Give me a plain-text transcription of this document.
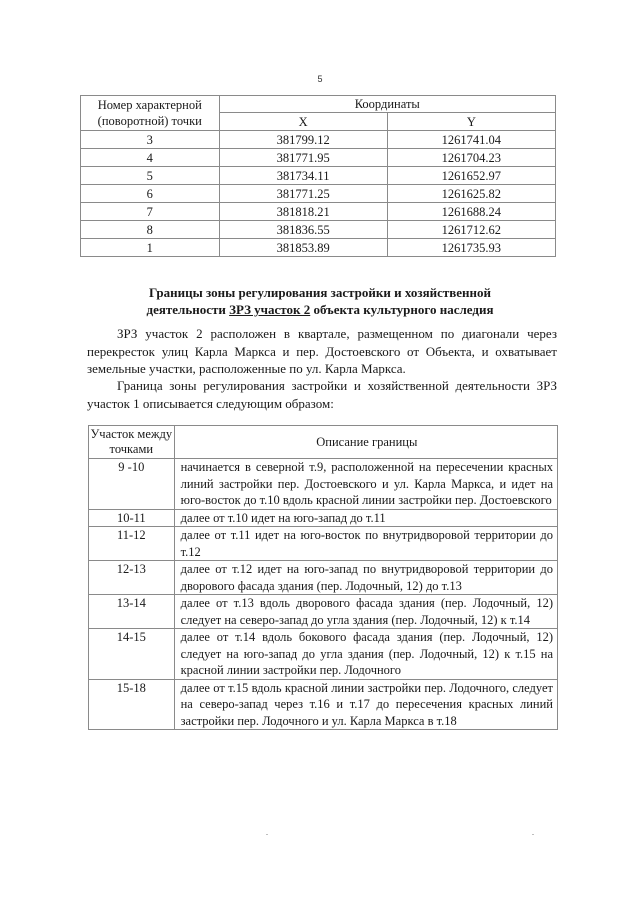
5
Номер характерной (поворотной) точки	Координаты	
	X	Y
3	381799.12	1261741.04
4	381771.95	1261704.23
5	381734.11	1261652.97
6	381771.25	1261625.82
7	381818.21	1261688.24
8	381836.55	1261712.62
1	381853.89	1261735.93
Границы зоны регулирования застройки и хозяйственной
деятельности ЗРЗ участок 2 объекта культурного наследия
ЗРЗ участок 2 расположен в квартале, размещенном по диагонали через перекресток улиц Карла Маркса и пер. Достоевского от Объекта, и охватывает земельные участки, расположенные по ул. Карла Маркса.
Граница зоны регулирования застройки и хозяйственной деятельности ЗРЗ участок 1 описывается следующим образом:
Участок между точками	Описание границы
9 -10	начинается в северной т.9, расположенной на пересечении красных линий застройки пер. Достоевского и ул. Карла Маркса, и идет на юго-восток до т.10 вдоль красной линии застройки пер. Достоевского
10-11	далее от т.10 идет на юго-запад до т.11
11-12	далее от т.11 идет на юго-восток по внутридворовой территории до т.12
12-13	далее от т.12 идет на юго-запад по внутридворовой территории до дворового фасада здания (пер. Лодочный, 12) до т.13
13-14	далее от т.13 вдоль дворового фасада здания (пер. Лодочный, 12) следует на северо-запад до угла здания (пер. Лодочный, 12) к т.14
14-15	далее от т.14 вдоль бокового фасада здания (пер. Лодочный, 12) следует на юго-запад до угла здания (пер. Лодочный, 12) к т.15 на красной линии застройки пер. Лодочного
15-18	далее от т.15 вдоль красной линии застройки пер. Лодочного, следует на северо-запад через т.16 и т.17 до пересечения красных линий застройки пер. Лодочного и ул. Карла Маркса в т.18
-	-
